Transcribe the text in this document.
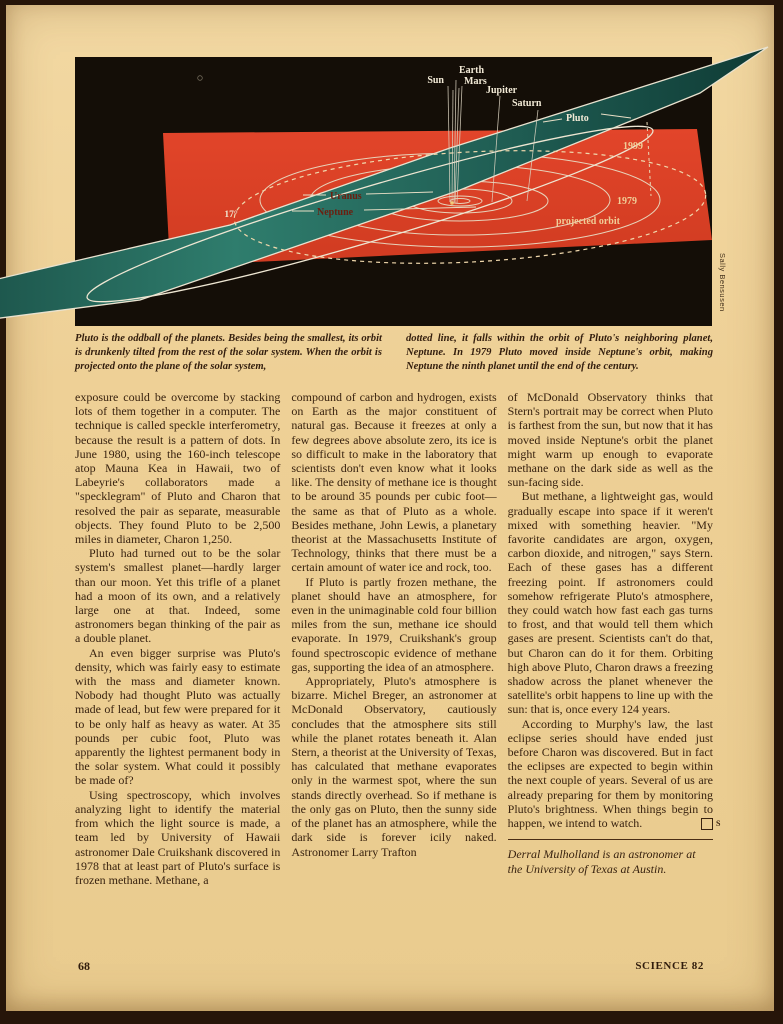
Sun
Earth
Mars
Jupiter
Saturn
Pluto
1999
1979
projected orbit
Uranus
Neptune
17°
Sally Bensusen

Pluto is the oddball of the planets. Besides being the smallest, its orbit is drunkenly tilted from the rest of the solar system. When the orbit is projected onto the plane of the solar system,

dotted line, it falls within the orbit of Pluto's neighboring planet, Neptune. In 1979 Pluto moved inside Neptune's orbit, making Neptune the ninth planet until the end of the century.

exposure could be overcome by stacking lots of them together in a computer. The technique is called speckle interferometry, because the result is a pattern of dots. In June 1980, using the 160-inch telescope atop Mauna Kea in Hawaii, two of Labeyrie's collaborators made a "specklegram" of Pluto and Charon that resolved the pair as separate, measurable objects. They found Pluto to be 2,500 miles in diameter, Charon 1,250.

Pluto had turned out to be the solar system's smallest planet—hardly larger than our moon. Yet this trifle of a planet had a moon of its own, and a relatively large one at that. Indeed, some astronomers began thinking of the pair as a double planet.

An even bigger surprise was Pluto's density, which was fairly easy to estimate with the mass and diameter known. Nobody had thought Pluto was actually made of lead, but few were prepared for it to be only half as heavy as water. At 35 pounds per cubic foot, Pluto was apparently the lightest permanent body in the solar system. What could it possibly be made of?

Using spectroscopy, which involves analyzing light to identify the material from which the light source is made, a team led by University of Hawaii astronomer Dale Cruikshank discovered in 1978 that at least part of Pluto's surface is frozen methane. Methane, a

compound of carbon and hydrogen, exists on Earth as the major constituent of natural gas. Because it freezes at only a few degrees above absolute zero, its ice is so difficult to make in the laboratory that scientists don't even know what it looks like. The density of methane ice is thought to be around 35 pounds per cubic foot—the same as that of Pluto as a whole. Besides methane, John Lewis, a planetary theorist at the Massachusetts Institute of Technology, thinks that there must be a certain amount of water ice and rock, too.

If Pluto is partly frozen methane, the planet should have an atmosphere, for even in the unimaginable cold four billion miles from the sun, methane ice should evaporate. In 1979, Cruikshank's group found spectroscopic evidence of methane gas, supporting the idea of an atmosphere.

Appropriately, Pluto's atmosphere is bizarre. Michel Breger, an astronomer at McDonald Observatory, cautiously concludes that the atmosphere sits still while the planet rotates beneath it. Alan Stern, a theorist at the University of Texas, has calculated that methane evaporates only in the warmest spot, where the sun stands directly overhead. So if methane is the only gas on Pluto, then the sunny side of the planet has an atmosphere, while the dark side is forever icily naked. Astronomer Larry Trafton

of McDonald Observatory thinks that Stern's portrait may be correct when Pluto is farthest from the sun, but now that it has moved inside Neptune's orbit the planet might warm up enough to evaporate methane on the dark side as well as the sun-facing side.

But methane, a lightweight gas, would gradually escape into space if it weren't mixed with something heavier. "My favorite candidates are argon, oxygen, carbon dioxide, and nitrogen," says Stern. Each of these gases has a different freezing point. If astronomers could somehow refrigerate Pluto's atmosphere, they could watch how fast each gas turns to frost, and that would tell them which gases are present. Scientists can't do that, but Charon can do it for them. Orbiting high above Pluto, Charon draws a freezing shadow across the planet whenever the satellite's orbit happens to line up with the sun: that is, once every 124 years.

According to Murphy's law, the last eclipse series should have ended just before Charon was discovered. But in fact the eclipses are expected to begin within the next couple of years. Several of us are already preparing for them by monitoring Pluto's brightness. When things begin to happen, we intend to watch.	S

Derral Mulholland is an astronomer at the University of Texas at Austin.

68	SCIENCE 82
